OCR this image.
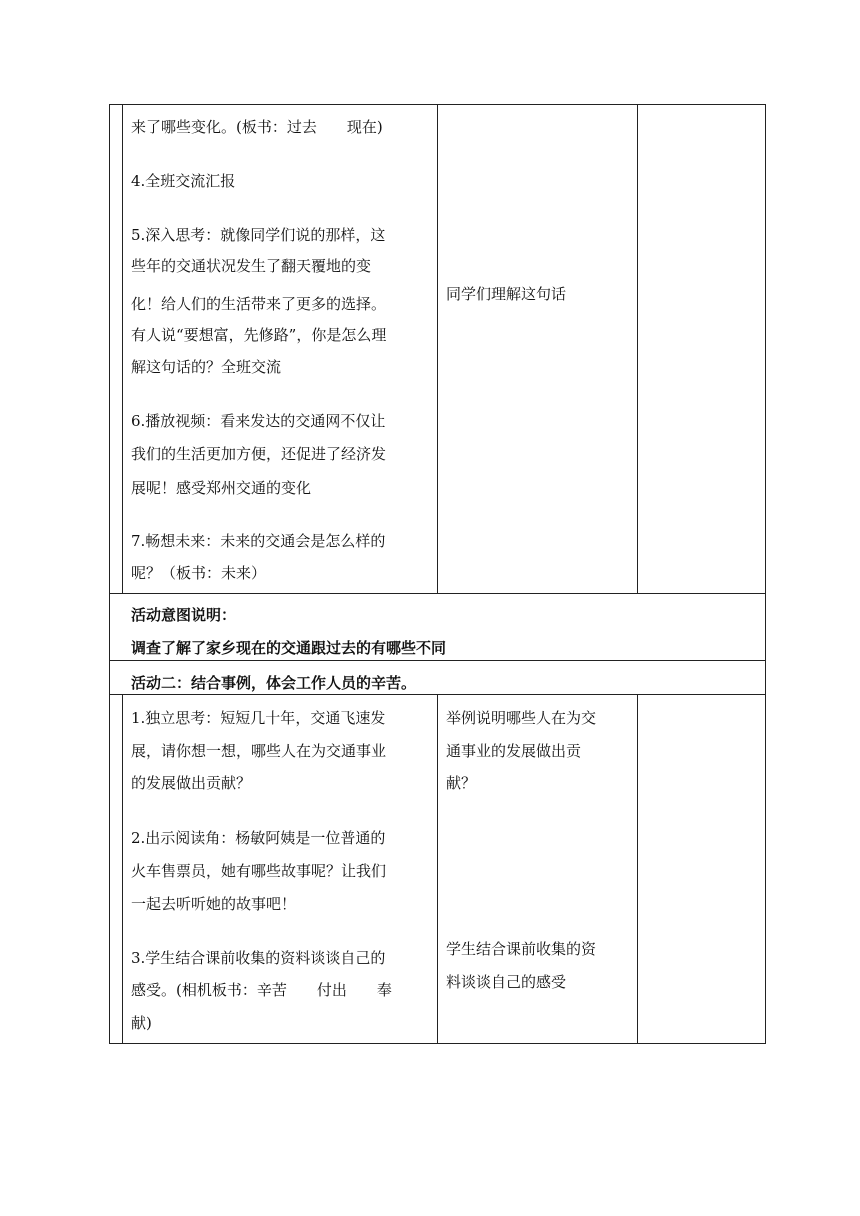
来了哪些变化。(板书：过去　　现在)
4.全班交流汇报
5.深入思考：就像同学们说的那样，这
些年的交通状况发生了翻天覆地的变
化！给人们的生活带来了更多的选择。
有人说“要想富，先修路”，你是怎么理
解这句话的？全班交流
6.播放视频：看来发达的交通网不仅让
我们的生活更加方便，还促进了经济发
展呢！感受郑州交通的变化
7.畅想未来：未来的交通会是怎么样的
呢？（板书：未来）
同学们理解这句话
活动意图说明：
调查了解了家乡现在的交通跟过去的有哪些不同
活动二：结合事例，体会工作人员的辛苦。
1.独立思考：短短几十年，交通飞速发
展，请你想一想，哪些人在为交通事业
的发展做出贡献？
2.出示阅读角：杨敏阿姨是一位普通的
火车售票员，她有哪些故事呢？让我们
一起去听听她的故事吧！
3.学生结合课前收集的资料谈谈自己的
感受。(相机板书：辛苦　　付出　　奉
献)
举例说明哪些人在为交
通事业的发展做出贡
献？
学生结合课前收集的资
料谈谈自己的感受
